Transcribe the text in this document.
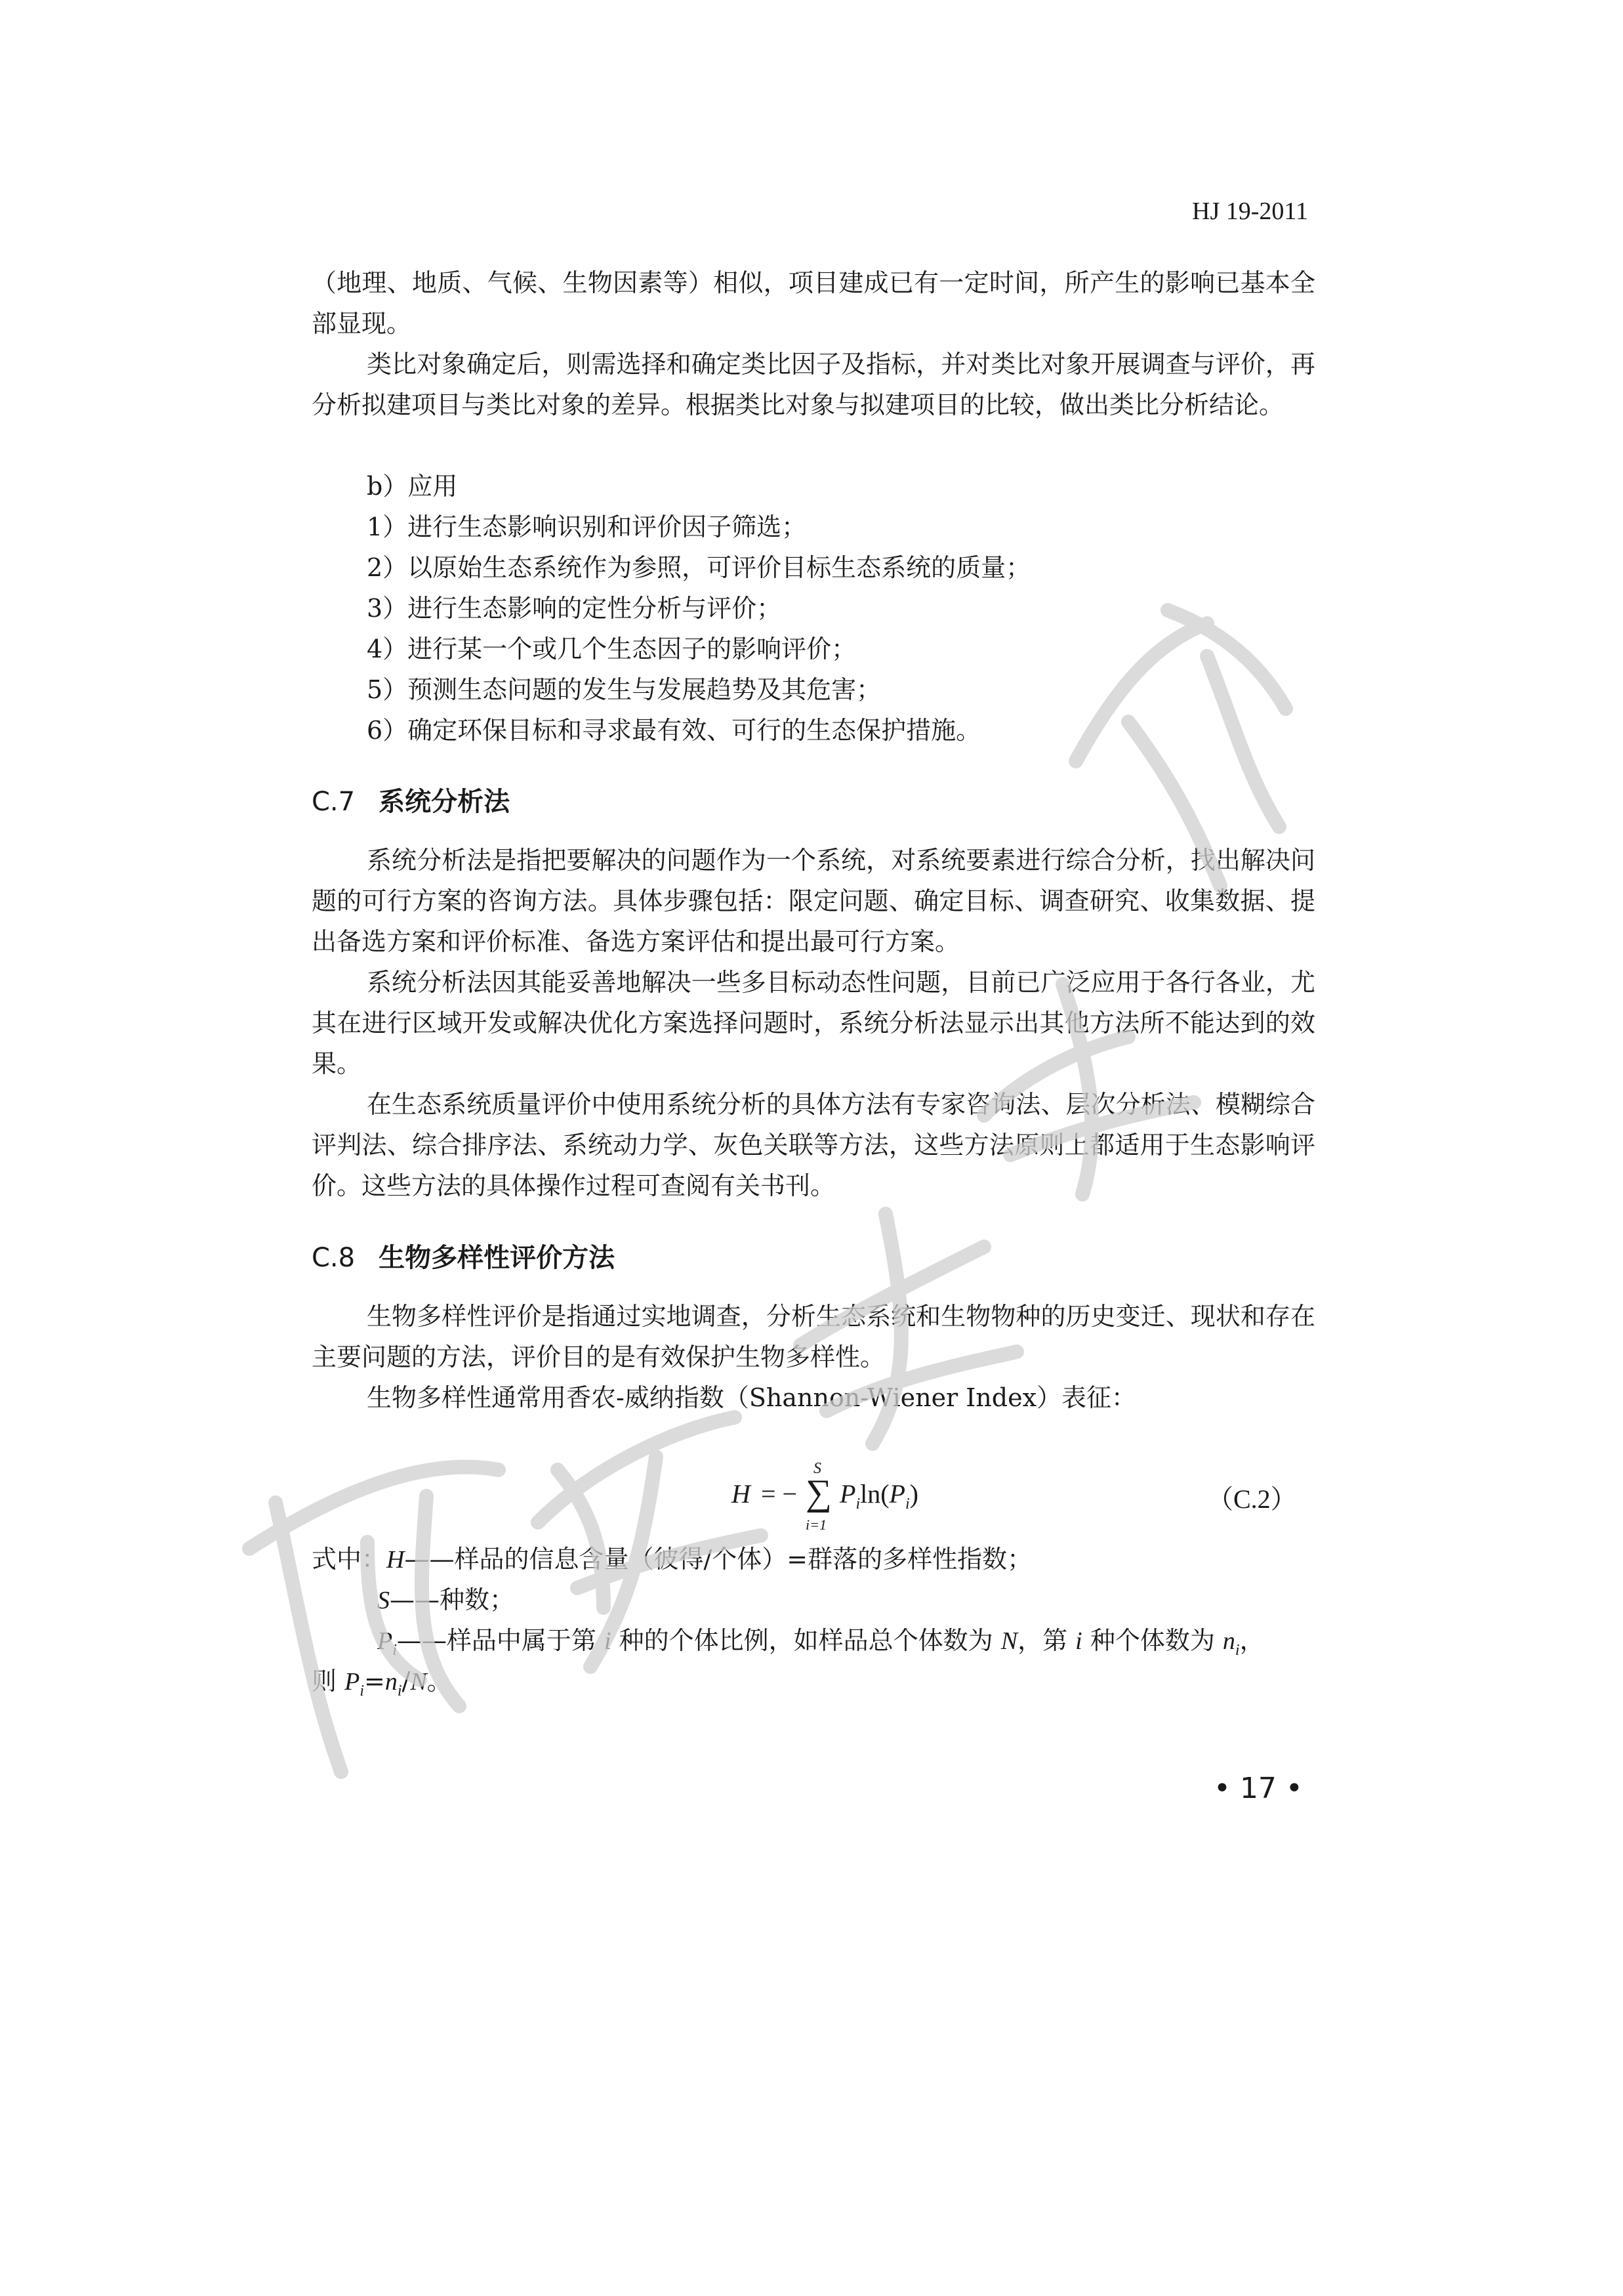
HJ 19-2011

（地理、地质、气候、生物因素等）相似，项目建成已有一定时间，所产生的影响已基本全部显现。

类比对象确定后，则需选择和确定类比因子及指标，并对类比对象开展调查与评价，再分析拟建项目与类比对象的差异。根据类比对象与拟建项目的比较，做出类比分析结论。

b）应用

1）进行生态影响识别和评价因子筛选；

2）以原始生态系统作为参照，可评价目标生态系统的质量；

3）进行生态影响的定性分析与评价；

4）进行某一个或几个生态因子的影响评价；

5）预测生态问题的发生与发展趋势及其危害；

6）确定环保目标和寻求最有效、可行的生态保护措施。

C.7 系统分析法

系统分析法是指把要解决的问题作为一个系统，对系统要素进行综合分析，找出解决问题的可行方案的咨询方法。具体步骤包括：限定问题、确定目标、调查研究、收集数据、提出备选方案和评价标准、备选方案评估和提出最可行方案。

系统分析法因其能妥善地解决一些多目标动态性问题，目前已广泛应用于各行各业，尤其在进行区域开发或解决优化方案选择问题时，系统分析法显示出其他方法所不能达到的效果。

在生态系统质量评价中使用系统分析的具体方法有专家咨询法、层次分析法、模糊综合评判法、综合排序法、系统动力学、灰色关联等方法，这些方法原则上都适用于生态影响评价。这些方法的具体操作过程可查阅有关书刊。

C.8 生物多样性评价方法

生物多样性评价是指通过实地调查，分析生态系统和生物物种的历史变迁、现状和存在主要问题的方法，评价目的是有效保护生物多样性。

生物多样性通常用香农-威纳指数（Shannon-Wiener Index）表征：

H = −
S
∑
i=1
$P_i\ln(P_i)$	（C.2）

式中：H——样品的信息含量（彼得/个体）=群落的多样性指数；

S——种数；

$P_i——$样品中属于第 i 种的个体比例，如样品总个体数为 N，第 i 种个体数为 $n_i$，

则 $P_i=n_i/N$。

• 17 •
